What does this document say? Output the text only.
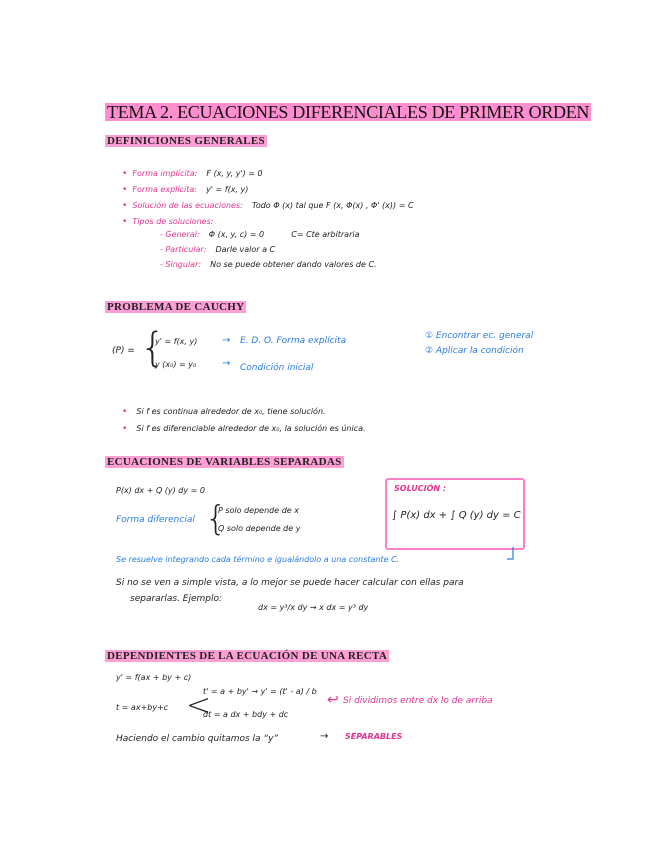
TEMA 2. ECUACIONES DIFERENCIALES DE PRIMER ORDEN
DEFINICIONES GENERALES
• Forma implícita: F (x, y, y') = 0
• Forma explícita: y' = f(x, y)
• Solución de las ecuaciones: Todo Φ (x) tal que F (x, Φ(x) , Φ' (x)) = C
• Tipos de soluciones:
- General: Φ (x, y, c) = 0	C= Cte arbitraria
- Particular: Darle valor a C
- Singular: No se puede obtener dando valores de C.
PROBLEMA DE CAUCHY
(P) = {
y' = f(x, y) → E. D. O. Forma explícita
y (x₀) = y₀	→ Condición inicial
① Encontrar ec. general
② Aplicar la condición
• Si f es continua alrededor de x₀, tiene solución.
• Si f es diferenciable alrededor de x₀, la solución es única.
ECUACIONES DE VARIABLES SEPARADAS
P(x) dx + Q (y) dy = 0
Forma diferencial {
P solo depende de x
Q solo depende de y
SOLUCIÓN :
∫ P(x) dx + ∫ Q (y) dy = C
Se resuelve integrando cada término e igualándolo a una constante C.
Si no se ven a simple vista, a lo mejor se puede hacer calcular con ellas para
separarlas. Ejemplo:
dx = y³/x dy → x dx = y³ dy
DEPENDIENTES DE LA ECUACIÓN DE UNA RECTA
y' = f(ax + by + c)
t = ax+by+c <
t' = a + by' → y' = (t' - a) / b
dt = a dx + bdy + dc
↩ Si dividimos entre dx lo de arriba
Haciendo el cambio quitamos la “y”	→ SEPARABLES
